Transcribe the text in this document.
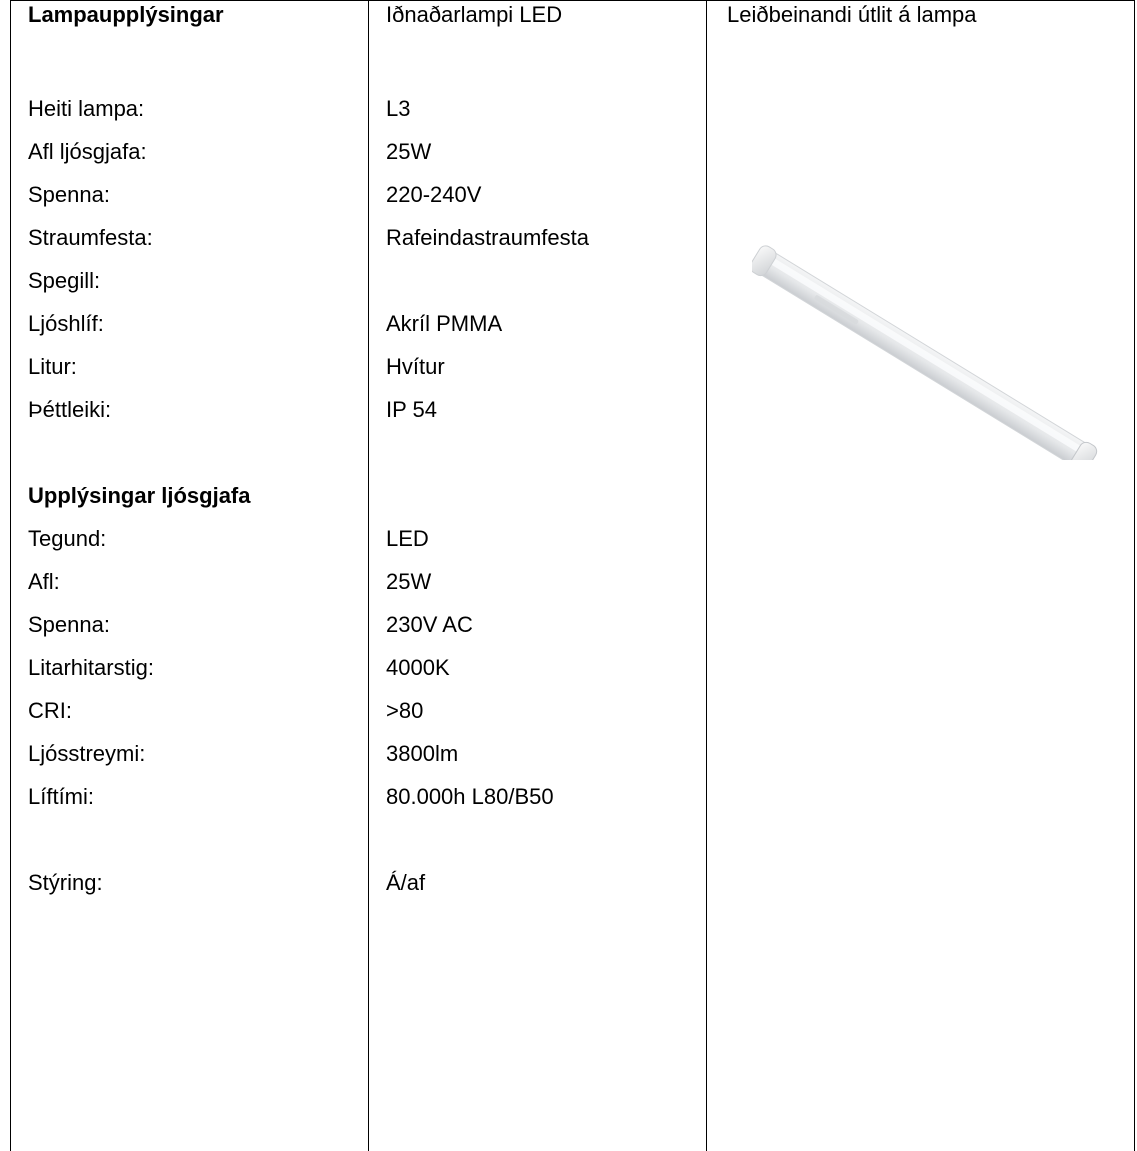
Lampaupplýsingar
Heiti lampa:
Afl ljósgjafa:
Spenna:
Straumfesta:
Spegill:
Ljóshlíf:
Litur:
Þéttleiki:
Upplýsingar ljósgjafa
Tegund:
Afl:
Spenna:
Litarhitarstig:
CRI:
Ljósstreymi:
Líftími:
Stýring:
Iðnaðarlampi LED
L3
25W
220-240V
Rafeindastraumfesta
Akríl PMMA
Hvítur
IP 54
LED
25W
230V AC
4000K
>80
3800lm
80.000h L80/B50
Á/af
Leiðbeinandi útlit á lampa
